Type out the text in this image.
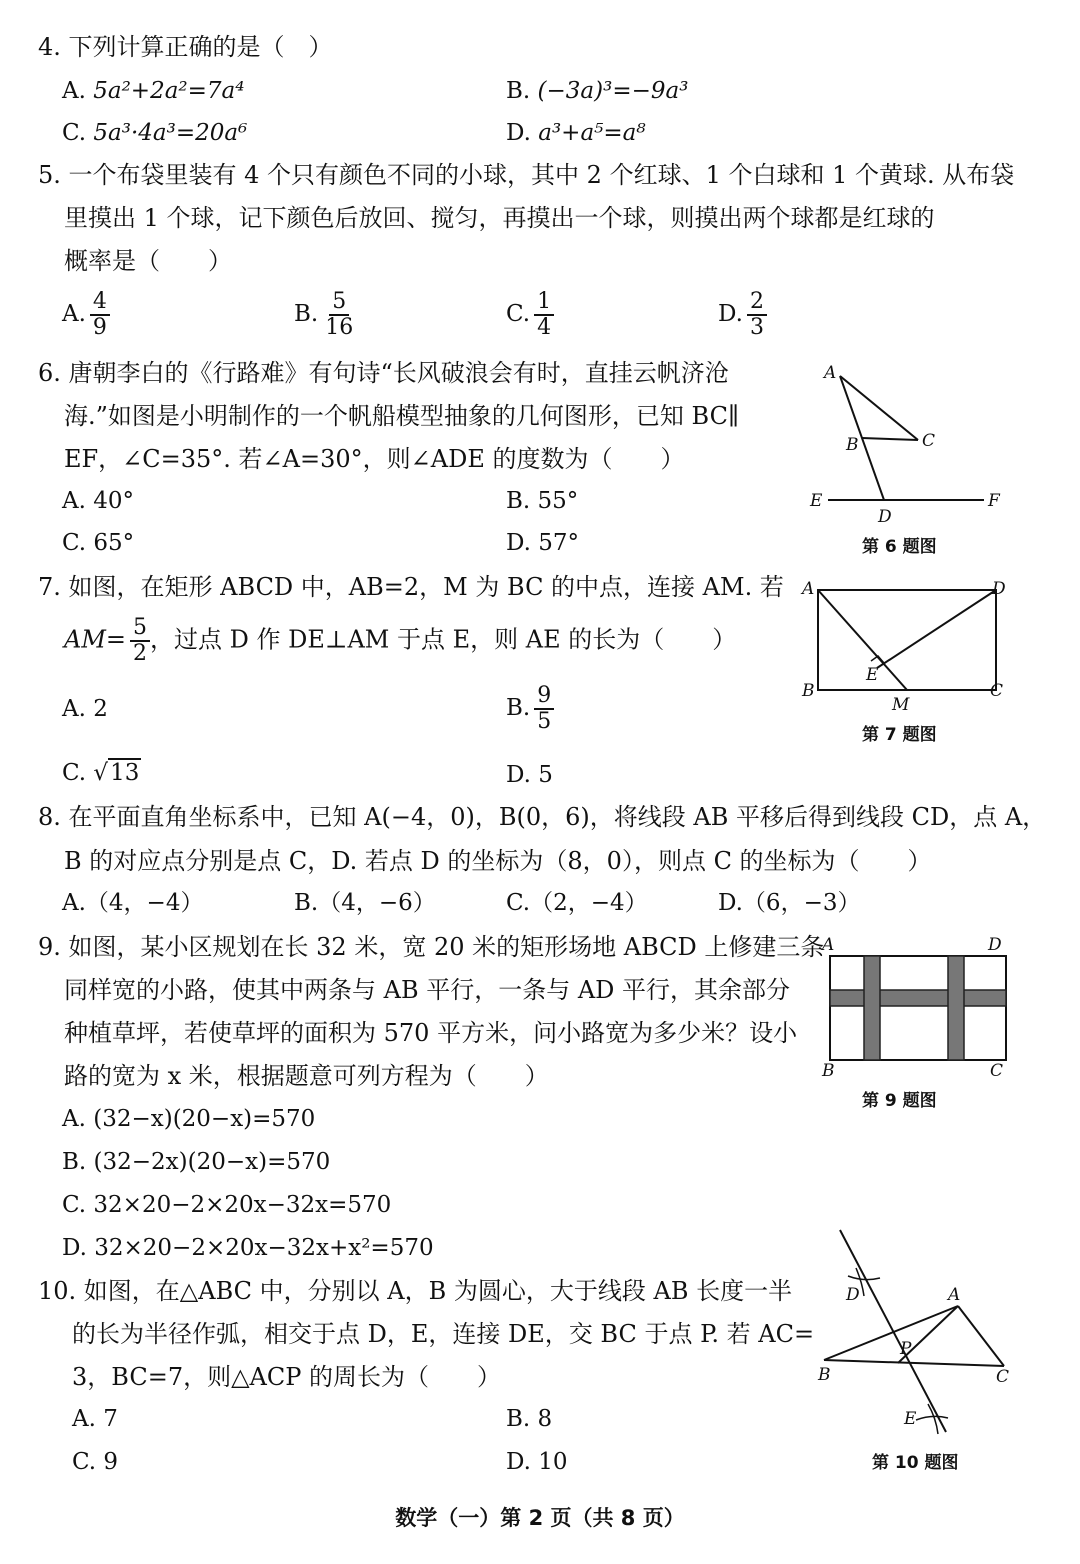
4. 下列计算正确的是（　）
A. 5a²+2a²=7a⁴	B. (−3a)³=−9a³
C. 5a³·4a³=20a⁶	D. a³+a⁵=a⁸
5. 一个布袋里装有 4 个只有颜色不同的小球，其中 2 个红球、1 个白球和 1 个黄球. 从布袋
里摸出 1 个球，记下颜色后放回、搅匀，再摸出一个球，则摸出两个球都是红球的
概率是（　　）
A. $\frac{4}{9}$	B. $\frac{5}{16}$	C. $\frac{1}{4}$	D. $\frac{2}{3}$
6. 唐朝李白的《行路难》有句诗“长风破浪会有时，直挂云帆济沧
海.”如图是小明制作的一个帆船模型抽象的几何图形，已知 BC∥
EF，∠C=35°. 若∠A=30°，则∠ADE 的度数为（　　）
A. 40°	B. 55°
C. 65°	D. 57°
A
B	C
E	F
D
第 6 题图
7. 如图，在矩形 ABCD 中，AB=2，M 为 BC 的中点，连接 AM. 若
$AM= \frac{5}{2}$ ，过点 D 作 DE⊥AM 于点 E，则 AE 的长为（　　）
A. 2	B. $\frac{9}{5}$
C. √13	D. 5
A	D
B	C
E
M
第 7 题图
8. 在平面直角坐标系中，已知 A(−4，0)，B(0，6)，将线段 AB 平移后得到线段 CD，点 A，
B 的对应点分别是点 C，D. 若点 D 的坐标为（8，0），则点 C 的坐标为（　　）
A.（4，−4）	B.（4，−6）	C.（2，−4）	D.（6，−3）
9. 如图，某小区规划在长 32 米，宽 20 米的矩形场地 ABCD 上修建三条
同样宽的小路，使其中两条与 AB 平行，一条与 AD 平行，其余部分
种植草坪，若使草坪的面积为 570 平方米，问小路宽为多少米？设小
路的宽为 x 米，根据题意可列方程为（　　）
A. (32−x)(20−x)=570
B. (32−2x)(20−x)=570
C. 32×20−2×20x−32x=570
D. 32×20−2×20x−32x+x²=570
A	D
B	C
第 9 题图
10. 如图，在△ABC 中，分别以 A，B 为圆心，大于线段 AB 长度一半
的长为半径作弧，相交于点 D，E，连接 DE，交 BC 于点 P. 若 AC=
3，BC=7，则△ACP 的周长为（　　）
A. 7	B. 8
C. 9	D. 10
D	A
P
B	C
E
第 10 题图
数学（一）第 2 页（共 8 页）
